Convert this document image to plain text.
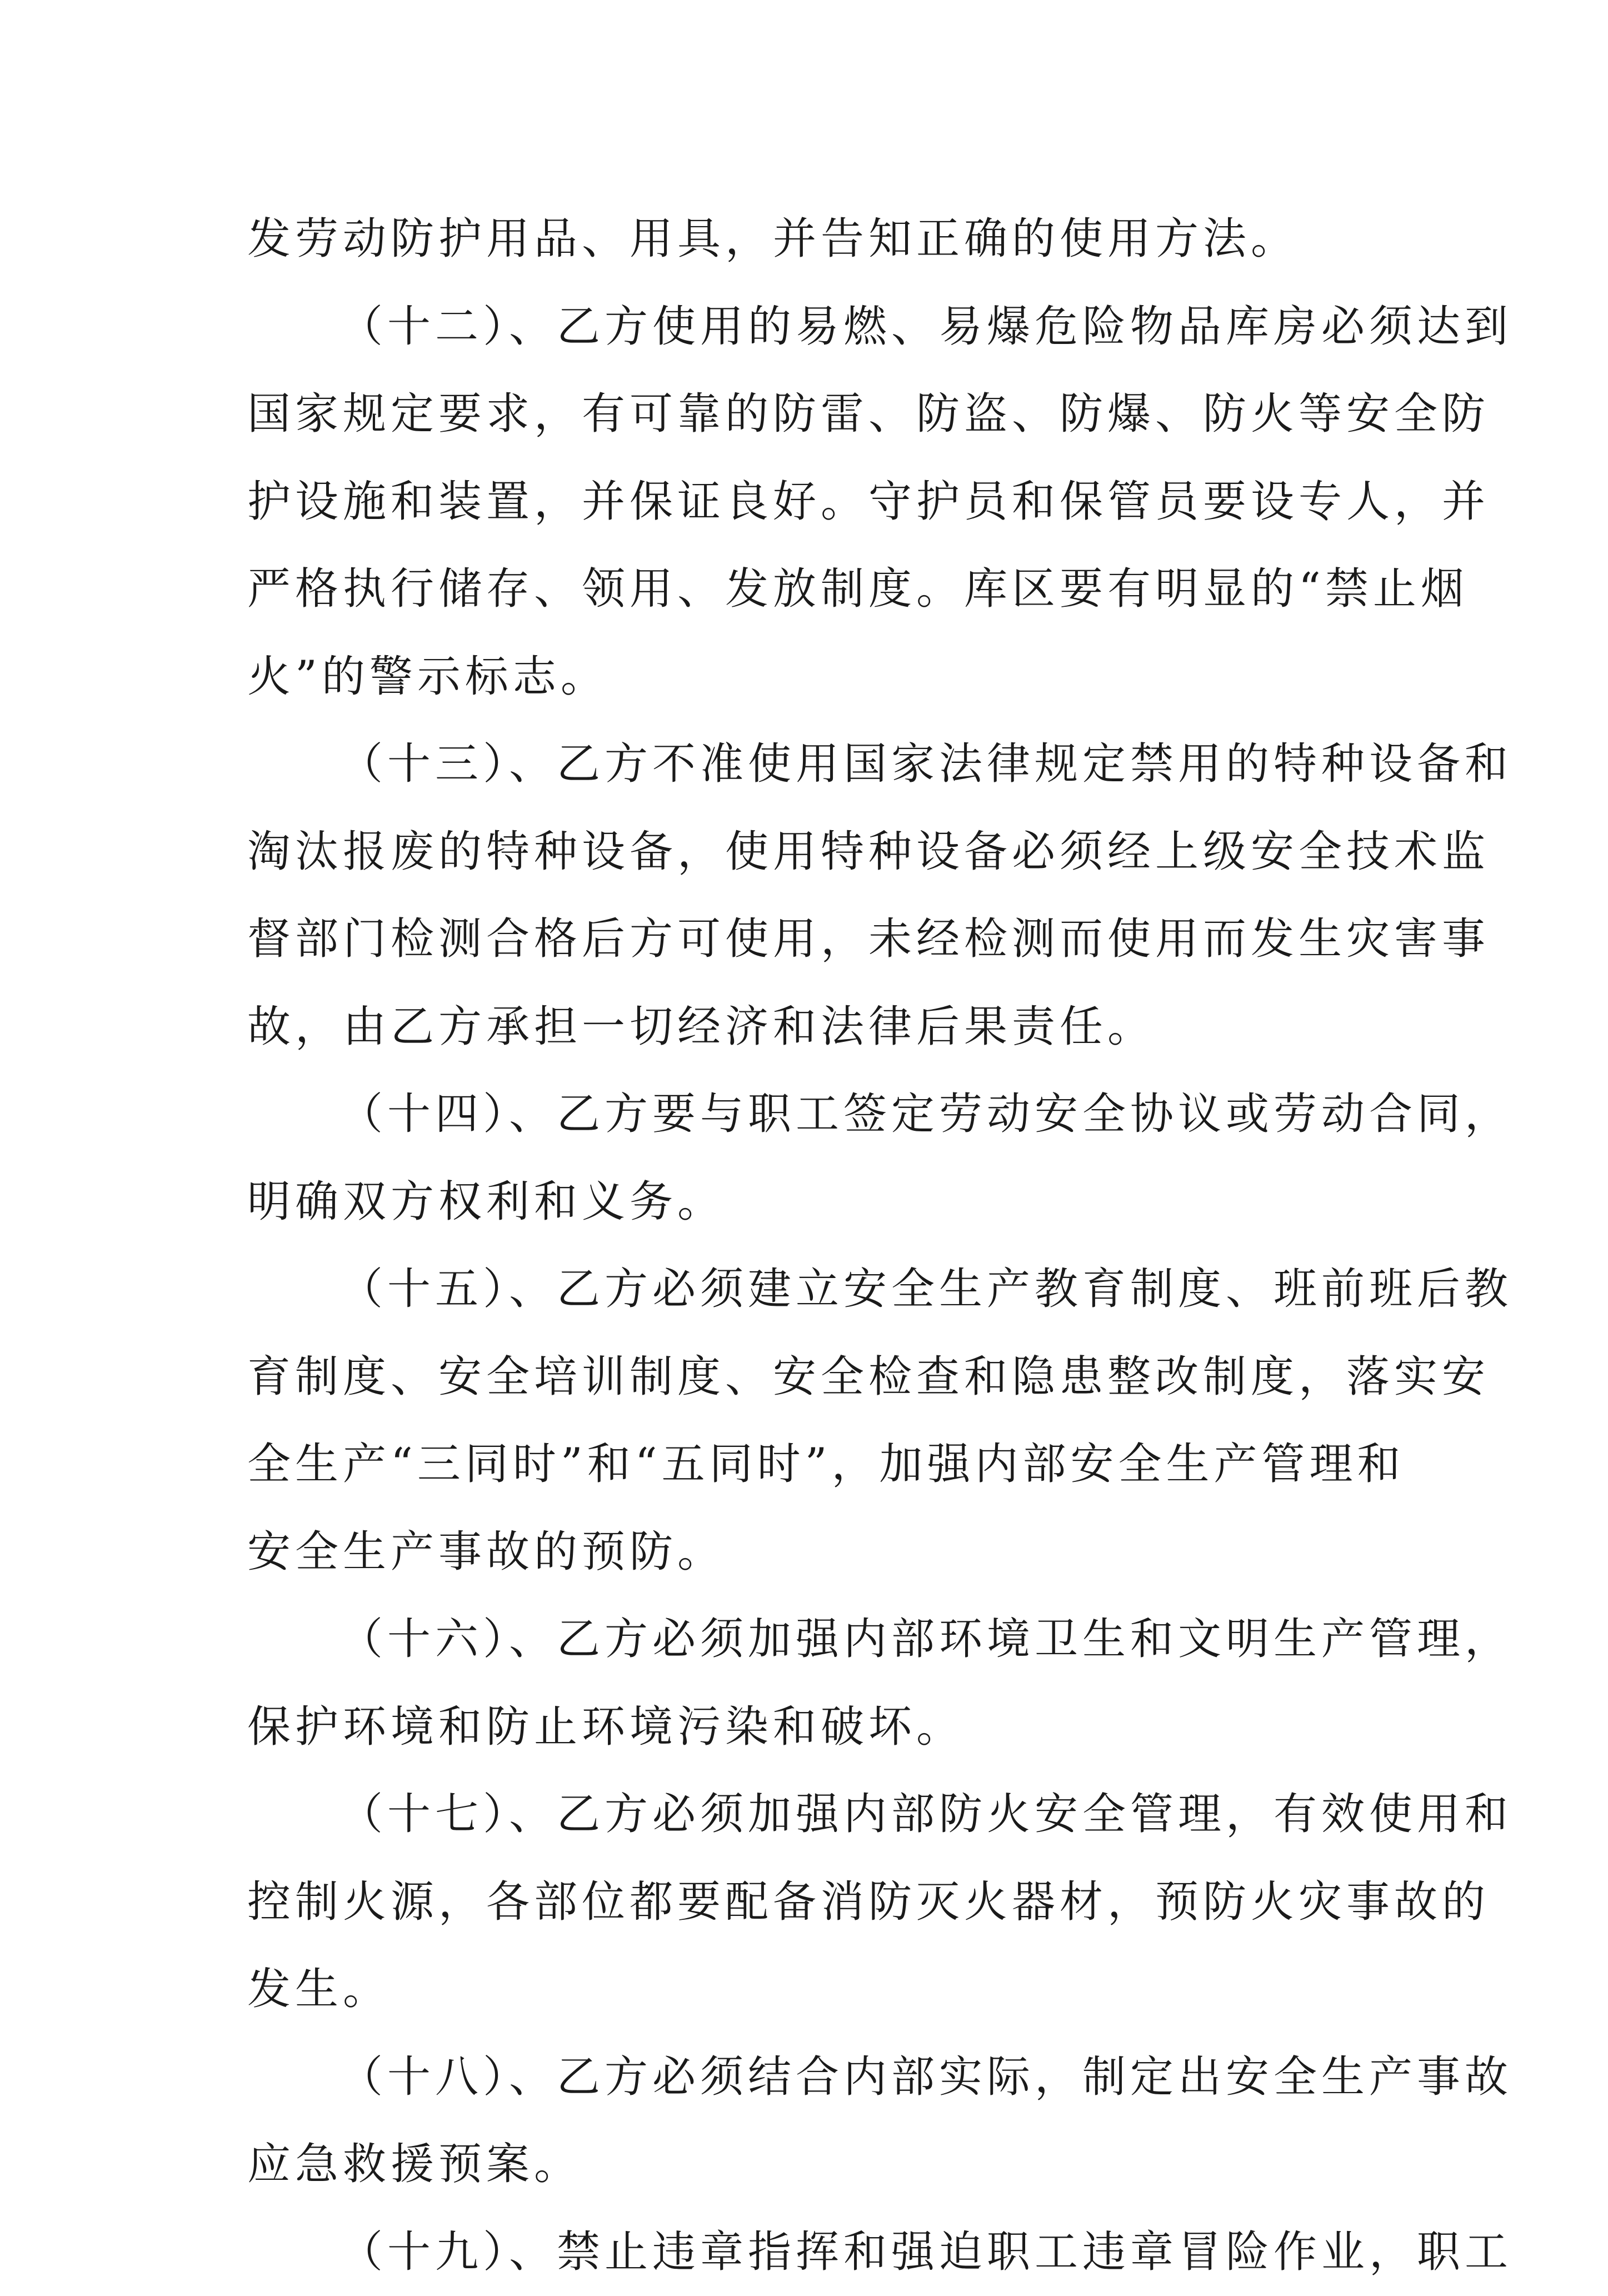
发劳动防护用品、用具，并告知正确的使用方法。
（十二）、乙方使用的易燃、易爆危险物品库房必须达到
国家规定要求，有可靠的防雷、防盗、防爆、防火等安全防
护设施和装置，并保证良好。守护员和保管员要设专人，并
严格执行储存、领用、发放制度。库区要有明显的“禁止烟
火”的警示标志。
（十三）、乙方不准使用国家法律规定禁用的特种设备和
淘汰报废的特种设备，使用特种设备必须经上级安全技术监
督部门检测合格后方可使用，未经检测而使用而发生灾害事
故，由乙方承担一切经济和法律后果责任。
（十四）、乙方要与职工签定劳动安全协议或劳动合同，
明确双方权利和义务。
（十五）、乙方必须建立安全生产教育制度、班前班后教
育制度、安全培训制度、安全检查和隐患整改制度，落实安
全生产“三同时”和“五同时”，加强内部安全生产管理和
安全生产事故的预防。
（十六）、乙方必须加强内部环境卫生和文明生产管理，
保护环境和防止环境污染和破坏。
（十七）、乙方必须加强内部防火安全管理，有效使用和
控制火源，各部位都要配备消防灭火器材，预防火灾事故的
发生。
（十八）、乙方必须结合内部实际，制定出安全生产事故
应急救援预案。
（十九）、禁止违章指挥和强迫职工违章冒险作业，职工
